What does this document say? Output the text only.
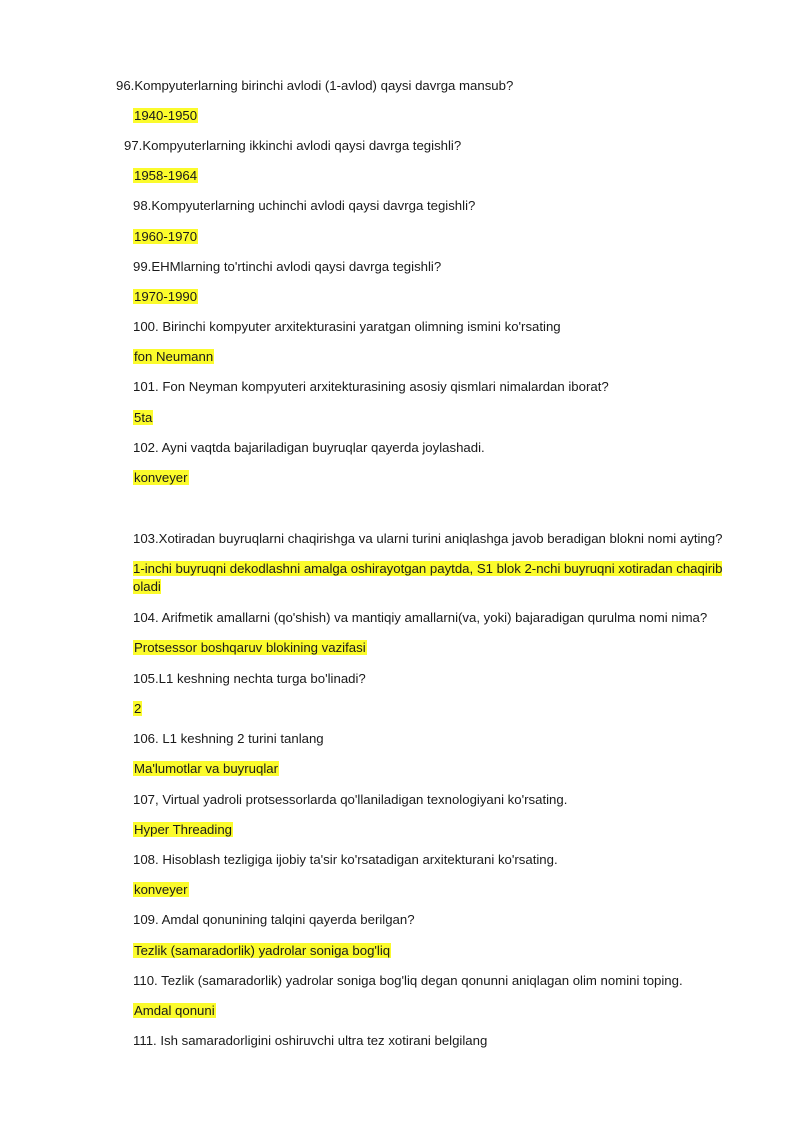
96.Kompyuterlarning birinchi avlodi (1-avlod) qaysi davrga mansub?
1940-1950
97.Kompyuterlarning ikkinchi avlodi qaysi davrga tegishli?
1958-1964
98.Kompyuterlarning uchinchi avlodi qaysi davrga tegishli?
1960-1970
99.EHMlarning to'rtinchi avlodi qaysi davrga tegishli?
1970-1990
100. Birinchi kompyuter arxitekturasini yaratgan olimning ismini ko'rsating
fon Neumann
101. Fon Neyman kompyuteri arxitekturasining asosiy qismlari nimalardan iborat?
5ta
102. Ayni vaqtda bajariladigan buyruqlar qayerda joylashadi.
konveyer
103.Xotiradan buyruqlarni chaqirishga va ularni turini aniqlashga javob beradigan blokni nomi ayting?
1-inchi buyruqni dekodlashni amalga oshirayotgan paytda, S1 blok 2-nchi buyruqni xotiradan chaqirib oladi
104. Arifmetik amallarni (qo'shish) va mantiqiy amallarni(va, yoki) bajaradigan qurulma nomi nima?
Protsessor boshqaruv blokining vazifasi
105.L1 keshning nechta turga bo'linadi?
2
106. L1 keshning 2 turini tanlang
Ma'lumotlar va buyruqlar
107, Virtual yadroli protsessorlarda qo'llaniladigan texnologiyani ko'rsating.
Hyper Threading
108. Hisoblash tezligiga ijobiy ta'sir ko'rsatadigan arxitekturani ko'rsating.
konveyer
109. Amdal qonunining talqini qayerda berilgan?
Tezlik (samaradorlik) yadrolar soniga bog'liq
110. Tezlik (samaradorlik) yadrolar soniga bog'liq degan qonunni aniqlagan olim nomini toping.
Amdal qonuni
111. Ish samaradorligini oshiruvchi ultra tez xotirani belgilang
